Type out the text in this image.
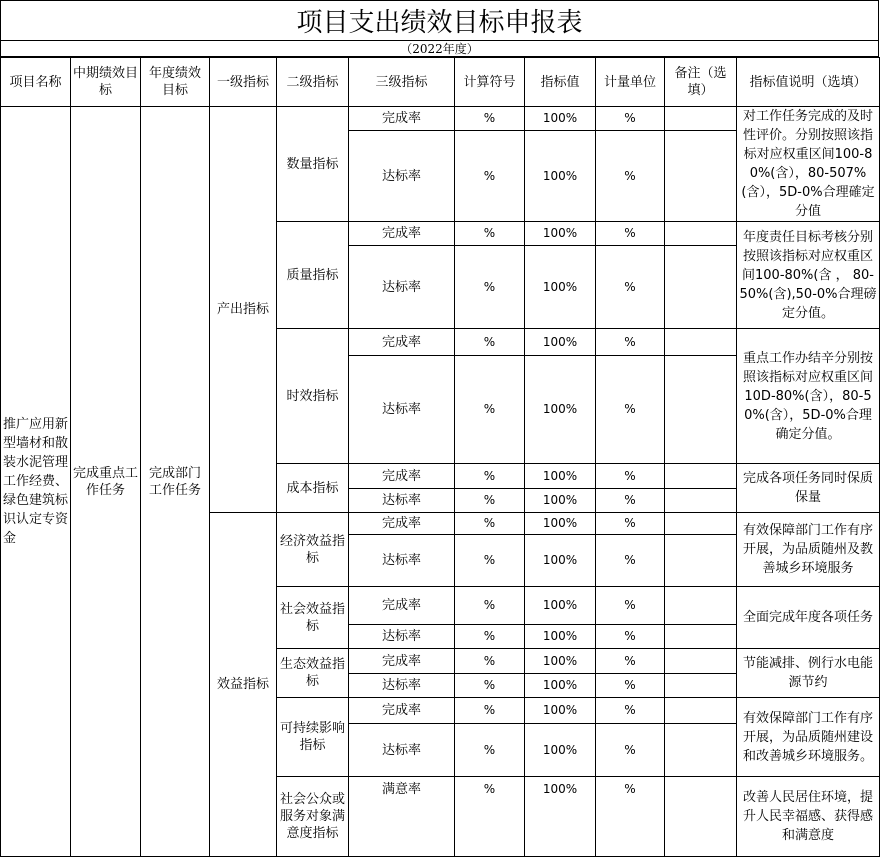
项目支出绩效目标申报表
（2022年度）
项目名称	中期绩效目标	年度绩效目标	一级指标	二级指标	三级指标	计算符号	指标值	计量单位	备注（选填）	指标值说明（选填）
推广应用新型墙材和散装水泥管理工作经费、绿色建筑标识认定专资金	完成重点工作任务	完成部门工作任务	产出指标	数量指标	完成率	%	100%	%		对工作任务完成的及时性评价。分别按照该指标对应权重区间100-80%(含），80-507%(含），5D-0%合理確定分值
					达标率	%	100%	%		
				质量指标	完成率	%	100%	%		年度责任目标考核分别按照该指标对应权重区间100-80%(含 ， 80-50%(含),50-0%合理磅定分值。
					达标率	%	100%	%		
				时效指标	完成率	%	100%	%		重点工作办结辛分别按照该指标对应权重区间10D-80%(含），80-50%(含），5D-0%合理确定分值。
					达标率	%	100%	%		
				成本指标	完成率	%	100%	%		完成各项任务同时保质保量
					达标率	%	100%	%		
			效益指标	经济效益指标	完成率	%	100%	%		有效保障部门工作有序开展，为品质随州及教善城乡环境服务
					达标率	%	100%	%		
				社会效益指标	完成率	%	100%	%		全面完成年度各项任务
					达标率	%	100%	%		
				生态效益指标	完成率	%	100%	%		节能减排、例行水电能源节约
					达标率	%	100%	%		
				可持续影响指标	完成率	%	100%	%		有效保障部门工作有序开展，为品质随州建设和改善城乡环境服务。
					达标率	%	100%	%		
				社会公众或服务对象满意度指标	满意率	%	100%	%		改善人民居住环境，提升人民幸福感、获得感和满意度
